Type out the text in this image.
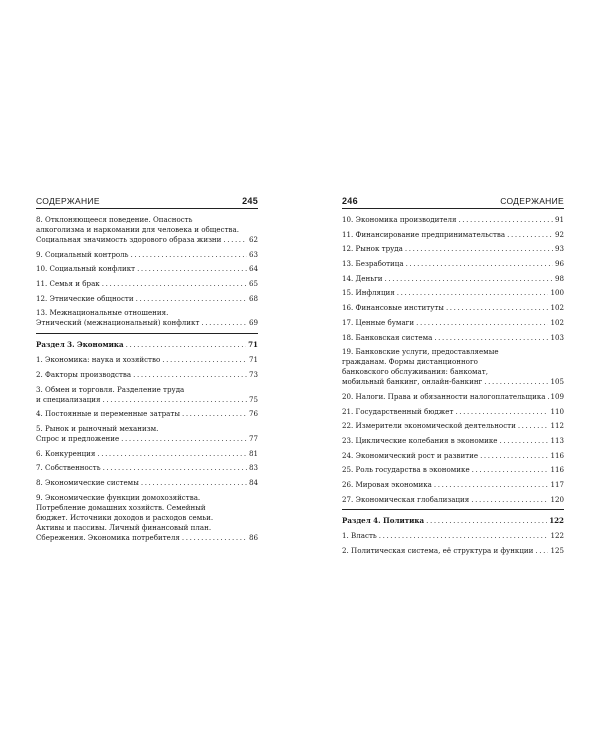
СОДЕРЖАНИЕ	245
8. Отклоняющееся поведение. Опасность
алкоголизма и наркомании для человека и общества.
Социальная значимость здорового образа жизни .....	62
9. Социальный контроль .....	63
10. Социальный конфликт .....	64
11. Семья и брак .....	65
12. Этнические общности .....	68
13. Межнациональные отношения.
Этнический (межнациональный) конфликт .....	69
Раздел 3. Экономика .....	71
1. Экономика: наука и хозяйство .....	71
2. Факторы производства .....	73
3. Обмен и торговля. Разделение труда
и специализация .....	75
4. Постоянные и переменные затраты .....	76
5. Рынок и рыночный механизм.
Спрос и предложение .....	77
6. Конкуренция .....	81
7. Собственность .....	83
8. Экономические системы .....	84
9. Экономические функции домохозяйства.
Потребление домашних хозяйств. Семейный
бюджет. Источники доходов и расходов семьи.
Активы и пассивы. Личный финансовый план.
Сбережения. Экономика потребителя .....	86
246	СОДЕРЖАНИЕ
10. Экономика производителя .....	91
11. Финансирование предпринимательства .....	92
12. Рынок труда .....	93
13. Безработица .....	96
14. Деньги .....	98
15. Инфляция .....	100
16. Финансовые институты .....	102
17. Ценные бумаги .....	102
18. Банковская система .....	103
19. Банковские услуги, предоставляемые
гражданам. Формы дистанционного
банковского обслуживания: банкомат,
мобильный банкинг, онлайн-банкинг .....	105
20. Налоги. Права и обязанности налогоплательщика ..... 109
21. Государственный бюджет .....	110
22. Измерители экономической деятельности .....	112
23. Циклические колебания в экономике .....	113
24. Экономический рост и развитие .....	116
25. Роль государства в экономике .....	116
26. Мировая экономика .....	117
27. Экономическая глобализация .....	120
Раздел 4. Политика .....	122
1. Власть .....	122
2. Политическая система, её структура и функции ..... 125
